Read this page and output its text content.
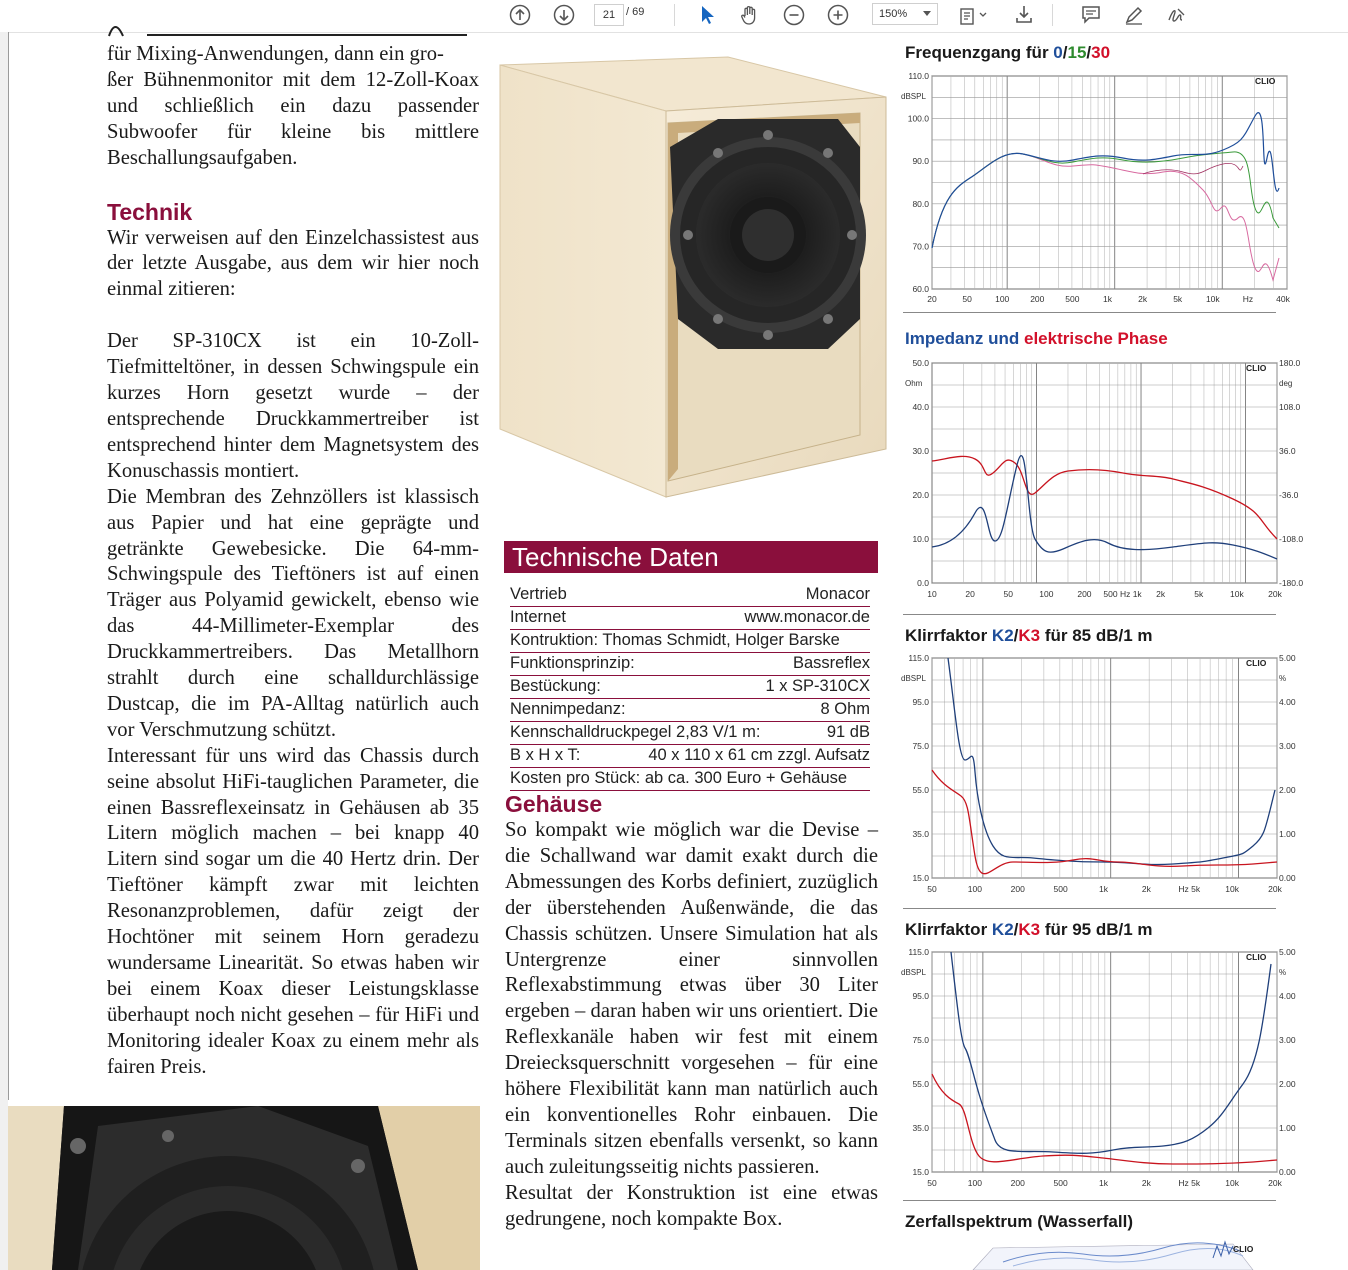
21 / 69	150%

für Mixing-Anwendungen, dann ein gro-

ßer Bühnenmonitor mit dem 12-Zoll-Koax und schließlich ein dazu passender Subwoofer für kleine bis mittlere Beschallungsaufgaben.

Technik

Wir verweisen auf den Einzelchassistest aus der letzte Ausgabe, aus dem wir hier noch einmal zitieren:

Der SP-310CX ist ein 10-Zoll-Tiefmitteltöner, in dessen Schwingspule ein kurzes Horn gesetzt wurde – der entsprechende Druckkammertreiber ist entsprechend hinter dem Magnetsystem des Konuschassis montiert.

Die Membran des Zehnzöllers ist klassisch aus Papier und hat eine geprägte und getränkte Gewebesicke. Die 64-mm-Schwingspule des Tieftöners ist auf einen Träger aus Polyamid gewickelt, ebenso wie das 44-Millimeter-Exemplar des Druckkammertreibers. Das Metallhorn strahlt durch eine schalldurchlässige Dustcap, die im PA-Alltag natürlich auch vor Verschmutzung schützt.

Interessant für uns wird das Chassis durch seine absolut HiFi-tauglichen Parameter, die einen Bassreflexeinsatz in Gehäusen ab 35 Litern möglich machen – bei knapp 40 Litern sind sogar um die 40 Hertz drin. Der Tieftöner kämpft zwar mit leichten Resonanzproblemen, dafür zeigt der Hochtöner mit seinem Horn geradezu wundersame Linearität. So etwas haben wir bei einem Koax dieser Leistungsklasse überhaupt noch nicht gesehen – für HiFi und Monitoring idealer Koax zu einem mehr als fairen Preis.

Technische Daten
Vertrieb	Monacor
Internet	www.monacor.de
Kontruktion: Thomas Schmidt, Holger Barske
Funktionsprinzip:	Bassreflex
Bestückung:	1 x SP-310CX
Nennimpedanz:	8 Ohm
Kennschalldruckpegel 2,83 V/1 m:	91 dB
B x H x T:	40 x 110 x 61 cm zzgl. Aufsatz
Kosten pro Stück: ab ca. 300 Euro + Gehäuse
Gehäuse

So kompakt wie möglich war die Devise – die Schallwand war damit exakt durch die Abmessungen des Korbs definiert, zuzüglich der überstehenden Außenwände, die das Chassis schützen. Unsere Simulation hat als Untergrenze einer sinnvollen Reflexabstimmung etwas über 30 Liter ergeben – daran haben wir uns orientiert. Die Reflexkanäle haben wir fest mit einem Dreiecksquerschnitt vorgesehen – für eine höhere Flexibilität kann man natürlich auch ein konventionelles Rohr einbauen. Die Terminals sitzen ebenfalls versenkt, so kann auch zuleitungsseitig nichts passieren.

Resultat der Konstruktion ist eine etwas gedrungene, noch kompakte Box.

Frequenzgang für 0/15/30
110.0
100.0
90.0
80.0
70.0
60.0
20	50	100 200 500	1k	2k	5k	10k	Hz	40k
dBSPL
CLIO
Impedanz und elektrische Phase
50.0
40.0
30.0
20.0
10.0
0.0
180.0
108.0
36.0
-36.0
-108.0
-180.0
10	20	50	100	200 500 Hz 1k 2k	5k	10k	20k
Ohm	deg
CLIO
Klirrfaktor K2/K3 für 85 dB/1 m
115.0
95.0
75.0
55.0
35.0
15.0
5.00
4.00
3.00
2.00
1.00
0.00
50	100	200	500	1k	2k	Hz 5k	10k	20k
dBSPL	%
CLIO
Klirrfaktor K2/K3 für 95 dB/1 m
115.0
95.0
75.0
55.0
35.0
15.0
5.00
4.00
3.00
2.00
1.00
0.00
50	100	200	500	1k	2k	Hz 5k	10k	20k
dBSPL	%
CLIO
Zerfallspektrum (Wasserfall)
CLIO
